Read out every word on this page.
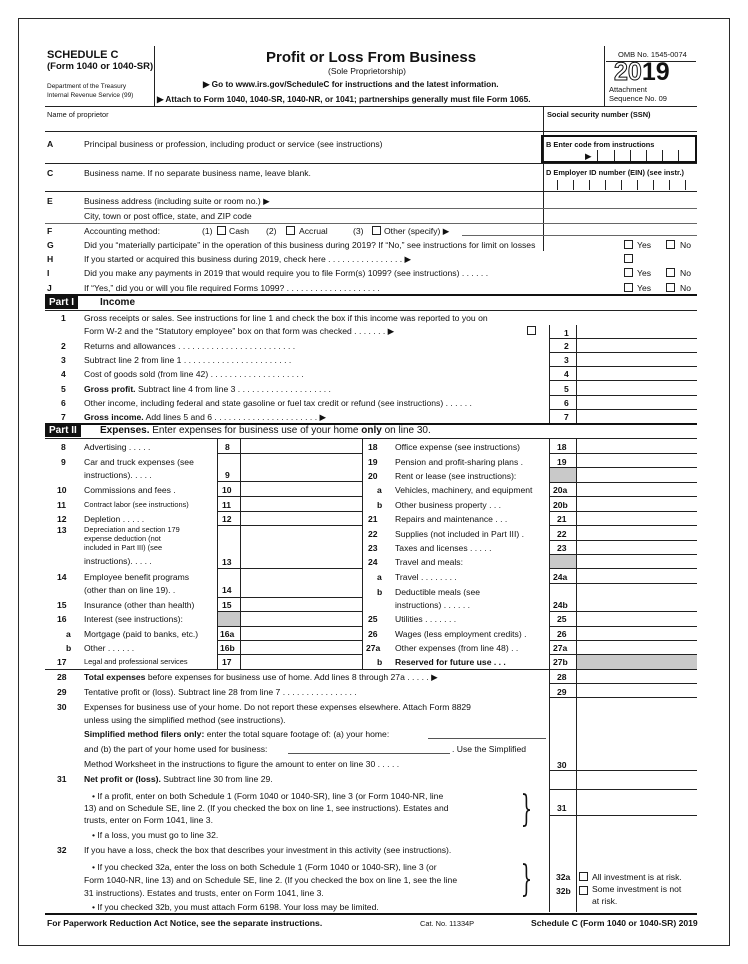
SCHEDULE C
(Form 1040 or 1040-SR)
Department of the Treasury
Internal Revenue Service (99)
Profit or Loss From Business
(Sole Proprietorship)
▶ Go to www.irs.gov/ScheduleC for instructions and the latest information.
▶ Attach to Form 1040, 1040-SR, 1040-NR, or 1041; partnerships generally must file Form 1065.
OMB No. 1545-0074
2019
Attachment
Sequence No. 09
Name of proprietor	Social security number (SSN)
A	Principal business or profession, including product or service (see instructions)	B Enter code from instructions
▶
C	Business name. If no separate business name, leave blank.	D Employer ID number (EIN) (see instr.)
E	Business address (including suite or room no.) ▶
City, town or post office, state, and ZIP code
F	Accounting method:	(1) Cash (2)	Accrual	(3) Other (specify) ▶
G	Did you “materially participate” in the operation of this business during 2019? If “No,” see instructions for limit on losses	Yes	No
H	If you started or acquired this business during 2019, check here . . . . . . . . . . . . . . . . ▶
I	Did you make any payments in 2019 that would require you to file Form(s) 1099? (see instructions) . . . . . .	Yes	No
J	If “Yes,” did you or will you file required Forms 1099? . . . . . . . . . . . . . . . . . . . .	Yes	No
Part I	Income
1 Gross receipts or sales. See instructions for line 1 and check the box if this income was reported to you on
Form W-2 and the “Statutory employee” box on that form was checked . . . . . . . ▶	1
2 Returns and allowances . . . . . . . . . . . . . . . . . . . . . . . . .	2
3 Subtract line 2 from line 1 . . . . . . . . . . . . . . . . . . . . . . .	3
4 Cost of goods sold (from line 42) . . . . . . . . . . . . . . . . . . . .	4
5 Gross profit. Subtract line 4 from line 3 . . . . . . . . . . . . . . . . . . . .	5
6 Other income, including federal and state gasoline or fuel tax credit or refund (see instructions) . . . . . .	6
7 Gross income. Add lines 5 and 6 . . . . . . . . . . . . . . . . . . . . . . ▶	7
Part II	Expenses. Enter expenses for business use of your home only on line 30.
8 Advertising . . . . .	8
9 Car and truck expenses (see
instructions). . . . .	9
10 Commissions and fees .	10
11 Contract labor (see instructions)	11
12 Depletion . . . . .	12
13 Depreciation and section 179
expense deduction (not
included in Part III) (see
instructions). . . . .	13
14 Employee benefit programs
(other than on line 19). .	14
15 Insurance (other than health)	15
16 Interest (see instructions):
a Mortgage (paid to banks, etc.)	16a
b Other . . . . . .	16b
17 Legal and professional services	17
18 Office expense (see instructions)	18
19 Pension and profit-sharing plans .	19
20 Rent or lease (see instructions):
a Vehicles, machinery, and equipment 20a
b Other business property . . .	20b
21 Repairs and maintenance . . .	21
22 Supplies (not included in Part III) .	22
23 Taxes and licenses . . . . .	23
24 Travel and meals:
a Travel . . . . . . . .	24a
b Deductible meals (see
instructions) . . . . . .	24b
25 Utilities . . . . . . .	25
26 Wages (less employment credits) .	26
27a Other expenses (from line 48) . .	27a
b Reserved for future use . . .	27b
28 Total expenses before expenses for business use of home. Add lines 8 through 27a . . . . . ▶	28
29 Tentative profit or (loss). Subtract line 28 from line 7 . . . . . . . . . . . . . . . .	29
30 Expenses for business use of your home. Do not report these expenses elsewhere. Attach Form 8829
unless using the simplified method (see instructions).
Simplified method filers only: enter the total square footage of: (a) your home:
and (b) the part of your home used for business:	. Use the Simplified
Method Worksheet in the instructions to figure the amount to enter on line 30 . . . . .	30
31 Net profit or (loss). Subtract line 30 from line 29.
• If a profit, enter on both Schedule 1 (Form 1040 or 1040-SR), line 3 (or Form 1040-NR, line
13) and on Schedule SE, line 2. (If you checked the box on line 1, see instructions). Estates and
trusts, enter on Form 1041, line 3.
• If a loss, you must go to line 32.
}	31
32 If you have a loss, check the box that describes your investment in this activity (see instructions).
• If you checked 32a, enter the loss on both Schedule 1 (Form 1040 or 1040-SR), line 3 (or
Form 1040-NR, line 13) and on Schedule SE, line 2. (If you checked the box on line 1, see the line
31 instructions). Estates and trusts, enter on Form 1041, line 3.
• If you checked 32b, you must attach Form 6198. Your loss may be limited.
}	32a	All investment is at risk.
32b Some investment is not
at risk.
For Paperwork Reduction Act Notice, see the separate instructions.	Cat. No. 11334P	Schedule C (Form 1040 or 1040-SR) 2019
